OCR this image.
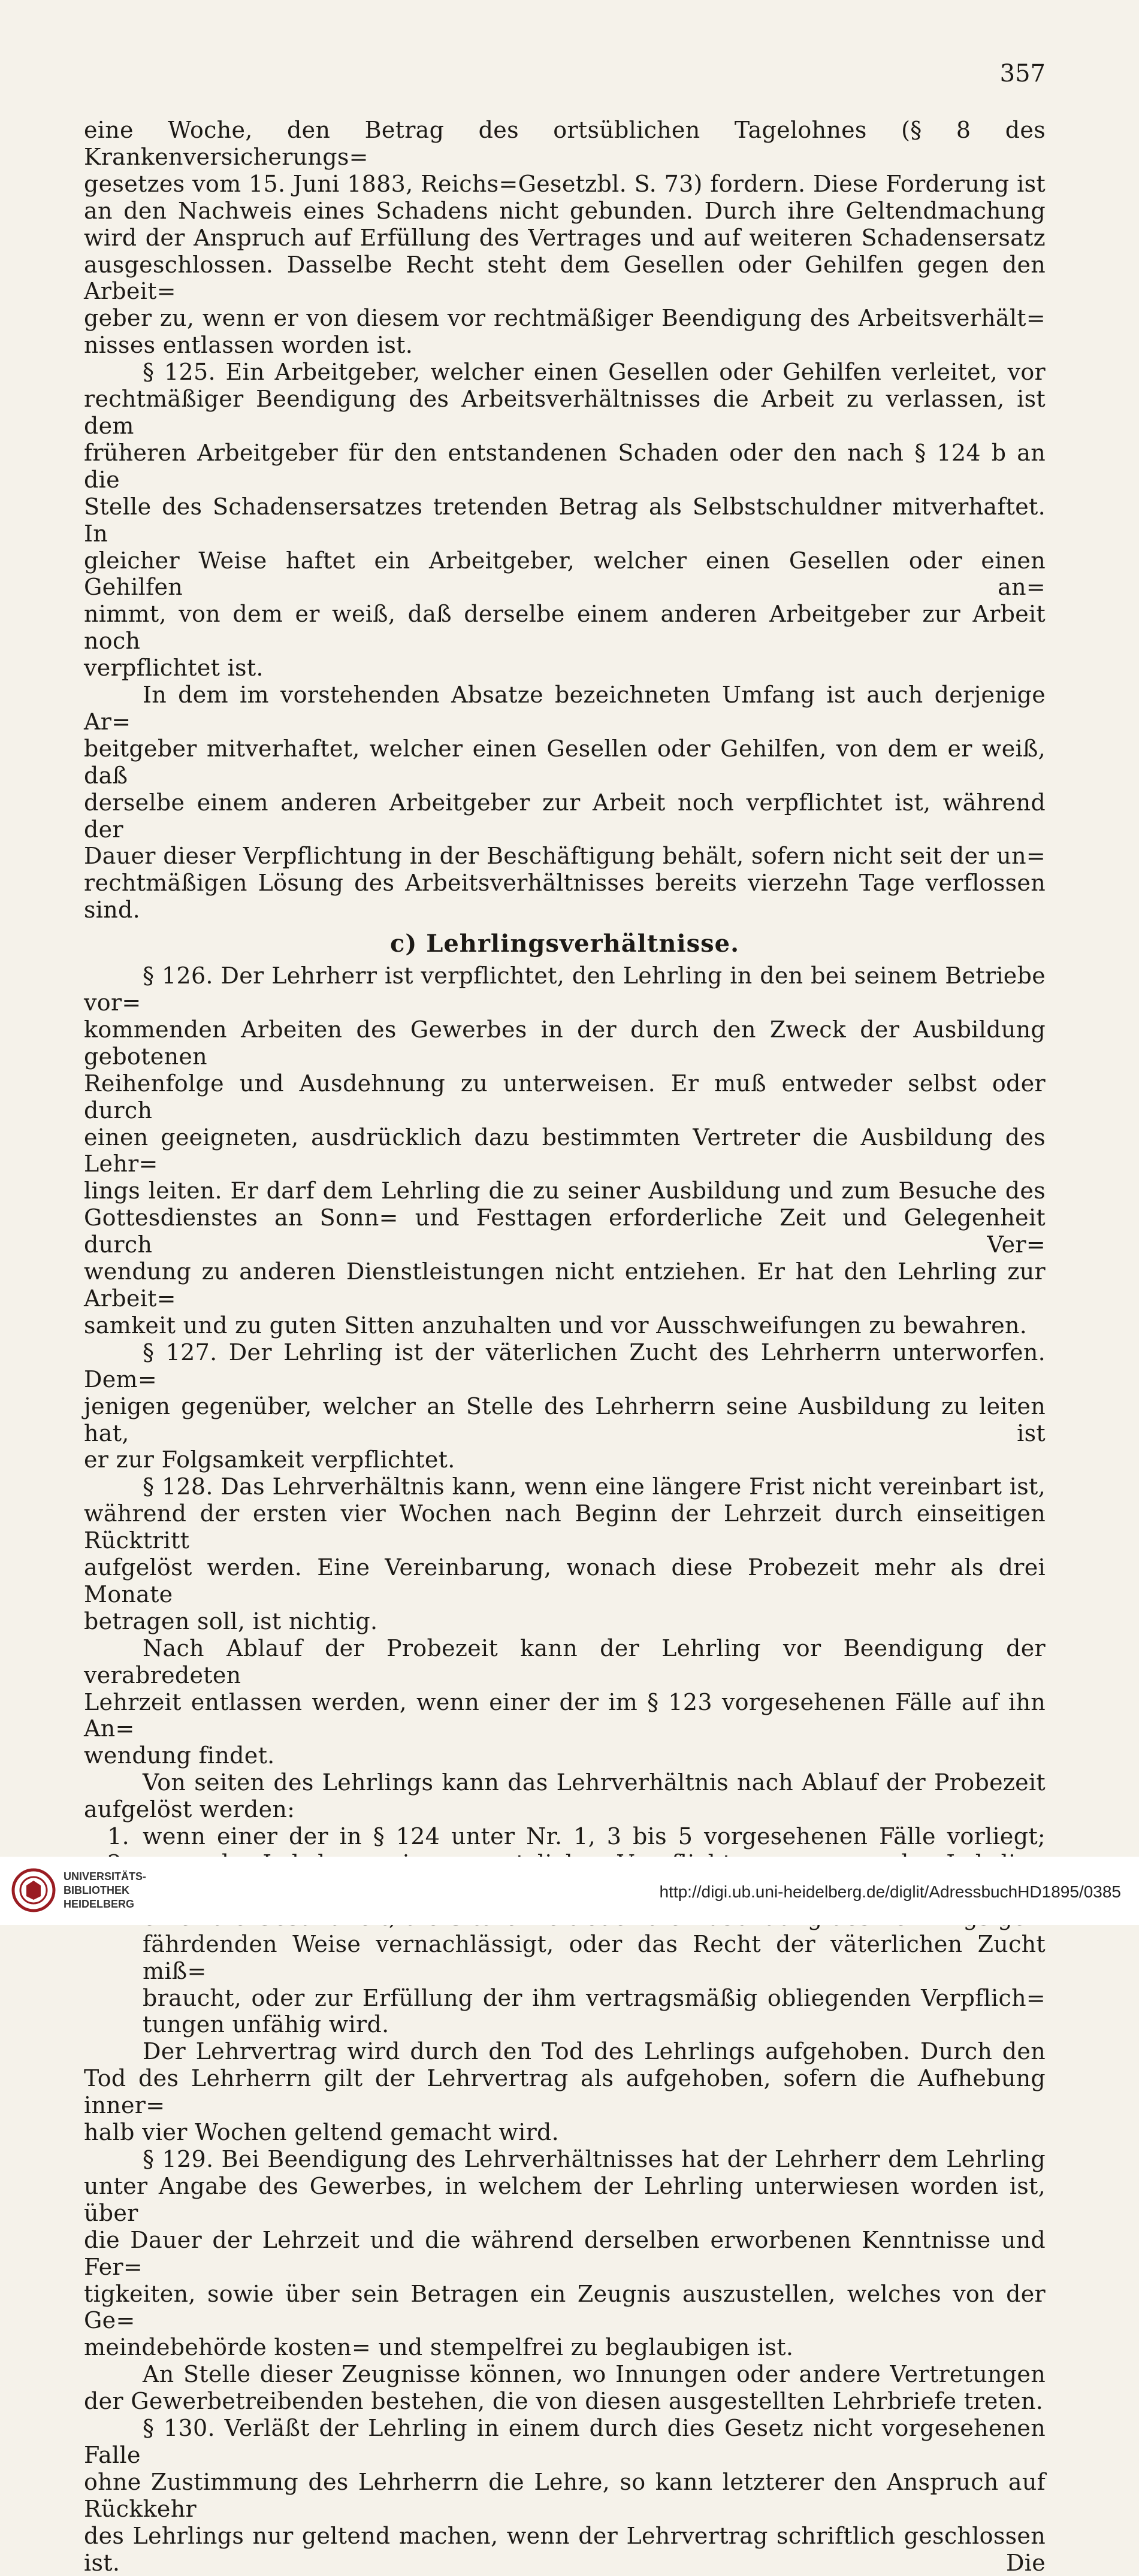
357

eine Woche, den Betrag des ortsüblichen Tagelohnes (§ 8 des Krankenversicherungs=

gesetzes vom 15. Juni 1883, Reichs=Gesetzbl. S. 73) fordern. Diese Forderung ist

an den Nachweis eines Schadens nicht gebunden. Durch ihre Geltendmachung

wird der Anspruch auf Erfüllung des Vertrages und auf weiteren Schadensersatz

ausgeschlossen. Dasselbe Recht steht dem Gesellen oder Gehilfen gegen den Arbeit=

geber zu, wenn er von diesem vor rechtmäßiger Beendigung des Arbeitsverhält=

nisses entlassen worden ist.

§ 125. Ein Arbeitgeber, welcher einen Gesellen oder Gehilfen verleitet, vor

rechtmäßiger Beendigung des Arbeitsverhältnisses die Arbeit zu verlassen, ist dem

früheren Arbeitgeber für den entstandenen Schaden oder den nach § 124 b an die

Stelle des Schadensersatzes tretenden Betrag als Selbstschuldner mitverhaftet. In

gleicher Weise haftet ein Arbeitgeber, welcher einen Gesellen oder einen Gehilfen an=

nimmt, von dem er weiß, daß derselbe einem anderen Arbeitgeber zur Arbeit noch

verpflichtet ist.

In dem im vorstehenden Absatze bezeichneten Umfang ist auch derjenige Ar=

beitgeber mitverhaftet, welcher einen Gesellen oder Gehilfen, von dem er weiß, daß

derselbe einem anderen Arbeitgeber zur Arbeit noch verpflichtet ist, während der

Dauer dieser Verpflichtung in der Beschäftigung behält, sofern nicht seit der un=

rechtmäßigen Lösung des Arbeitsverhältnisses bereits vierzehn Tage verflossen sind.

c) Lehrlingsverhältnisse.

§ 126. Der Lehrherr ist verpflichtet, den Lehrling in den bei seinem Betriebe vor=

kommenden Arbeiten des Gewerbes in der durch den Zweck der Ausbildung gebotenen

Reihenfolge und Ausdehnung zu unterweisen. Er muß entweder selbst oder durch

einen geeigneten, ausdrücklich dazu bestimmten Vertreter die Ausbildung des Lehr=

lings leiten. Er darf dem Lehrling die zu seiner Ausbildung und zum Besuche des

Gottesdienstes an Sonn= und Festtagen erforderliche Zeit und Gelegenheit durch Ver=

wendung zu anderen Dienstleistungen nicht entziehen. Er hat den Lehrling zur Arbeit=

samkeit und zu guten Sitten anzuhalten und vor Ausschweifungen zu bewahren.

§ 127. Der Lehrling ist der väterlichen Zucht des Lehrherrn unterworfen. Dem=

jenigen gegenüber, welcher an Stelle des Lehrherrn seine Ausbildung zu leiten hat, ist

er zur Folgsamkeit verpflichtet.

§ 128. Das Lehrverhältnis kann, wenn eine längere Frist nicht vereinbart ist,

während der ersten vier Wochen nach Beginn der Lehrzeit durch einseitigen Rücktritt

aufgelöst werden. Eine Vereinbarung, wonach diese Probezeit mehr als drei Monate

betragen soll, ist nichtig.

Nach Ablauf der Probezeit kann der Lehrling vor Beendigung der verabredeten

Lehrzeit entlassen werden, wenn einer der im § 123 vorgesehenen Fälle auf ihn An=

wendung findet.

Von seiten des Lehrlings kann das Lehrverhältnis nach Ablauf der Probezeit

aufgelöst werden:

1. wenn einer der in § 124 unter Nr. 1, 3 bis 5 vorgesehenen Fälle vorliegt;

fährdenden Weise vernachlässigt, oder das Recht der väterlichen Zucht miß=

braucht, oder zur Erfüllung der ihm vertragsmäßig obliegenden Verpflich=

tungen unfähig wird.

Der Lehrvertrag wird durch den Tod des Lehrlings aufgehoben. Durch den

Tod des Lehrherrn gilt der Lehrvertrag als aufgehoben, sofern die Aufhebung inner=

halb vier Wochen geltend gemacht wird.

§ 129. Bei Beendigung des Lehrverhältnisses hat der Lehrherr dem Lehrling

unter Angabe des Gewerbes, in welchem der Lehrling unterwiesen worden ist, über

die Dauer der Lehrzeit und die während derselben erworbenen Kenntnisse und Fer=

tigkeiten, sowie über sein Betragen ein Zeugnis auszustellen, welches von der Ge=

meindebehörde kosten= und stempelfrei zu beglaubigen ist.

An Stelle dieser Zeugnisse können, wo Innungen oder andere Vertretungen

der Gewerbetreibenden bestehen, die von diesen ausgestellten Lehrbriefe treten.

§ 130. Verläßt der Lehrling in einem durch dies Gesetz nicht vorgesehenen Falle

ohne Zustimmung des Lehrherrn die Lehre, so kann letzterer den Anspruch auf Rückkehr

des Lehrlings nur geltend machen, wenn der Lehrvertrag schriftlich geschlossen ist. Die

UNIVERSITÄTS-
BIBLIOTHEK
HEIDELBERG
http://digi.ub.uni-heidelberg.de/diglit/AdressbuchHD1895/0385
